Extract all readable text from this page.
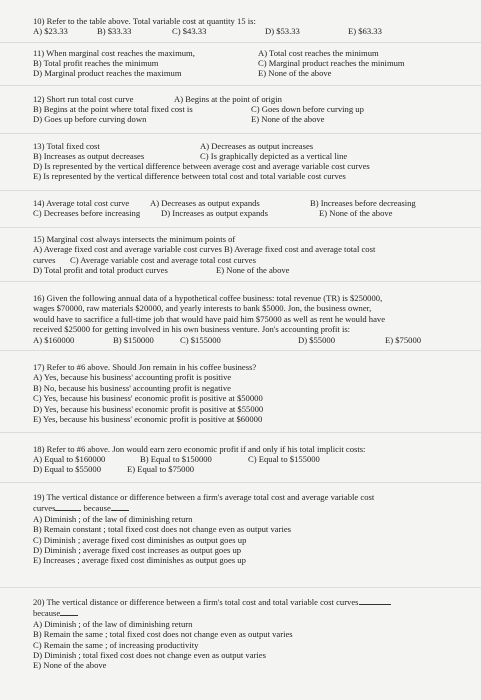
10) Refer to the table above. Total variable cost at quantity 15 is:
A) $23.33	B) $33.33	C) $43.33	D) $53.33	E) $63.33
11) When marginal cost reaches the maximum,	A) Total cost reaches the minimum
B) Total profit reaches the minimum	C) Marginal product reaches the minimum
D) Marginal product reaches the maximum	E) None of the above
12) Short run total cost curve	A) Begins at the point of origin
B) Begins at the point where total fixed cost is	C) Goes down before curving up
D) Goes up before curving down	E) None of the above
13) Total fixed cost	A) Decreases as output increases
B) Increases as output decreases	C) Is graphically depicted as a vertical line
D) Is represented by the vertical difference between average cost and average variable cost curves
E) Is represented by the vertical difference between total cost and total variable cost curves
14) Average total cost curve A) Decreases as output expands	B) Increases before decreasing
C) Decreases before increasing D) Increases as output expands	E) None of the above
15) Marginal cost always intersects the minimum points of
A) Average fixed cost and average variable cost curves B) Average fixed cost and average total cost
curves C) Average variable cost and average total cost curves
D) Total profit and total product curves	E) None of the above
16) Given the following annual data of a hypothetical coffee business: total revenue (TR) is $250000,
wages $70000, raw materials $20000, and yearly interests to bank $5000. Jon, the business owner,
would have to sacrifice a full-time job that would have paid him $75000 as well as rent he would have
received $25000 for getting involved in his own business venture. Jon's accounting profit is:
A) $160000	B) $150000	C) $155000	D) $55000	E) $75000
17) Refer to #6 above. Should Jon remain in his coffee business?
A) Yes, because his business' accounting profit is positive
B) No, because his business' accounting profit is negative
C) Yes, because his business' economic profit is positive at $50000
D) Yes, because his business' economic profit is positive at $55000
E) Yes, because his business' economic profit is positive at $60000
18) Refer to #6 above. Jon would earn zero economic profit if and only if his total implicit costs:
A) Equal to $160000	B) Equal to $150000	C) Equal to $155000
D) Equal to $55000	E) Equal to $75000
19) The vertical distance or difference between a firm's average total cost and average variable cost
curves	because
A) Diminish ; of the law of diminishing return
B) Remain constant ; total fixed cost does not change even as output varies
C) Diminish ; average fixed cost diminishes as output goes up
D) Diminish ; average fixed cost increases as output goes up
E) Increases ; average fixed cost diminishes as output goes up
20) The vertical distance or difference between a firm's total cost and total variable cost curves
because
A) Diminish ; of the law of diminishing return
B) Remain the same ; total fixed cost does not change even as output varies
C) Remain the same ; of increasing productivity
D) Diminish ; total fixed cost does not change even as output varies
E) None of the above
